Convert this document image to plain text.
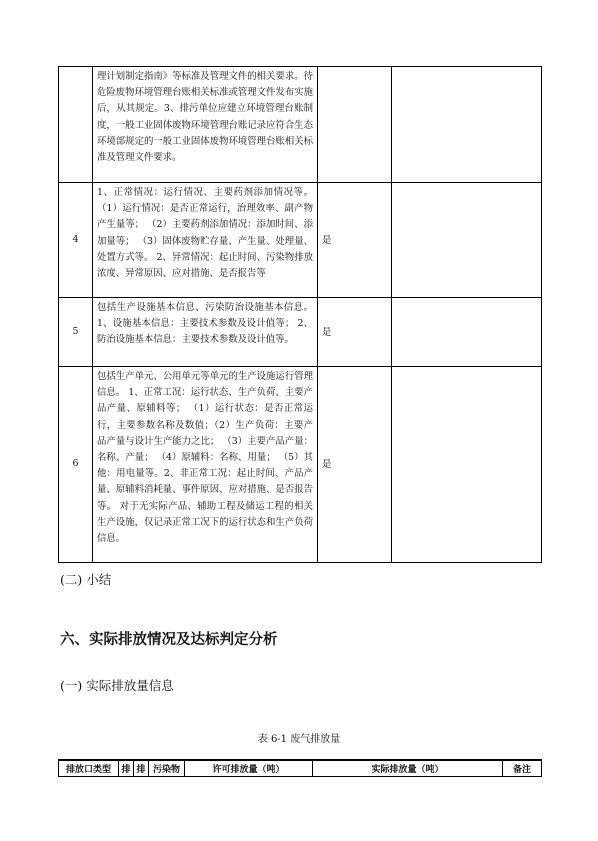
	理计划制定指南》等标准及管理文件的相关要求。待危险废物环境管理台账相关标准或管理文件发布实施后，从其规定。3、排污单位应建立环境管理台账制度，一般工业固体废物环境管理台账记录应符合生态环境部规定的一般工业固体废物环境管理台账相关标准及管理文件要求。		
4	1、正常情况：运行情况、主要药剂添加情况等。（1）运行情况：是否正常运行，治理效率、副产物产生量等； （2）主要药剂添加情况：添加时间、添加量等； （3）固体废物贮存量、产生量、处理量、处置方式等。 2、异常情况：起止时间、污染物排放浓度、异常原因、应对措施、是否报告等	是	
5	包括生产设施基本信息、污染防治设施基本信息。 1、设施基本信息：主要技术参数及设计值等； 2、防治设施基本信息：主要技术参数及设计值等。	是	
6	包括生产单元、公用单元等单元的生产设施运行管理信息。 1、正常工况：运行状态、生产负荷、主要产品产量、原辅料等； （1）运行状态：是否正常运行，主要参数名称及数值；（2）生产负荷：主要产品产量与设计生产能力之比； （3）主要产品产量：名称、产量； （4）原辅料：名称、用量； （5）其他：用电量等。2、非正常工况：起止时间、产品产量、原辅料消耗量、事件原因、应对措施、是否报告等。 对于无实际产品、辅助工程及储运工程的相关生产设施，仅记录正常工况下的运行状态和生产负荷信息。	是	
(二) 小结
六、实际排放情况及达标判定分析
(一) 实际排放量信息
表 6-1 废气排放量
排放口类型	排	排	污染物	许可排放量（吨）	实际排放量（吨）	备注
